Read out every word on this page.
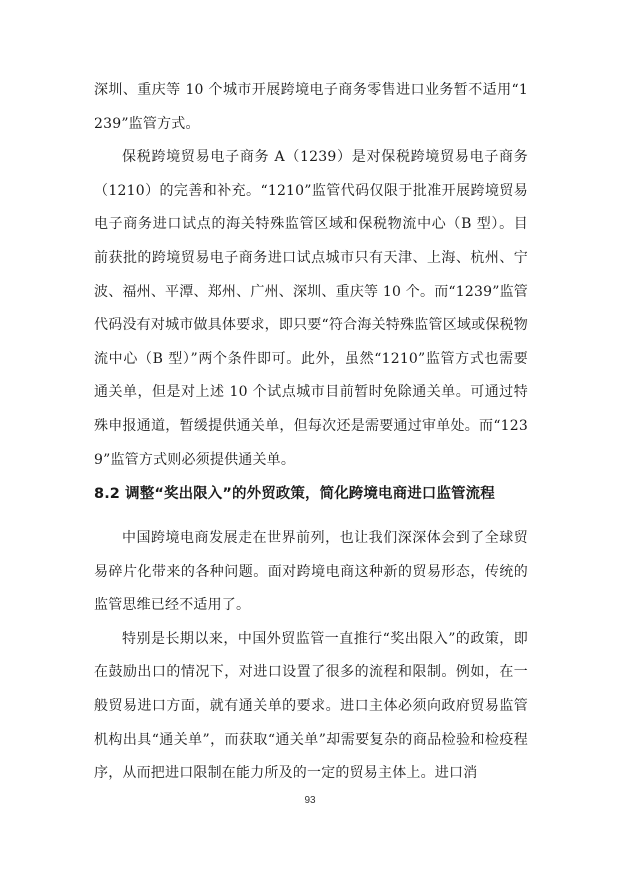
深圳、重庆等 10 个城市开展跨境电子商务零售进口业务暂不适用“1239”监管方式。

保税跨境贸易电子商务 A（1239）是对保税跨境贸易电子商务（1210）的完善和补充。“1210”监管代码仅限于批准开展跨境贸易电子商务进口试点的海关特殊监管区域和保税物流中心（B 型）。目前获批的跨境贸易电子商务进口试点城市只有天津、上海、杭州、宁波、福州、平潭、郑州、广州、深圳、重庆等 10 个。而“1239”监管代码没有对城市做具体要求，即只要“符合海关特殊监管区域或保税物流中心（B 型）”两个条件即可。此外，虽然“1210”监管方式也需要通关单，但是对上述 10 个试点城市目前暂时免除通关单。可通过特殊申报通道，暂缓提供通关单，但每次还是需要通过审单处。而“1239”监管方式则必须提供通关单。

8.2 调整“奖出限入”的外贸政策，简化跨境电商进口监管流程

中国跨境电商发展走在世界前列，也让我们深深体会到了全球贸易碎片化带来的各种问题。面对跨境电商这种新的贸易形态，传统的监管思维已经不适用了。

特别是长期以来，中国外贸监管一直推行“奖出限入”的政策，即在鼓励出口的情况下，对进口设置了很多的流程和限制。例如，在一般贸易进口方面，就有通关单的要求。进口主体必须向政府贸易监管机构出具“通关单”，而获取“通关单”却需要复杂的商品检验和检疫程序，从而把进口限制在能力所及的一定的贸易主体上。进口消

93
